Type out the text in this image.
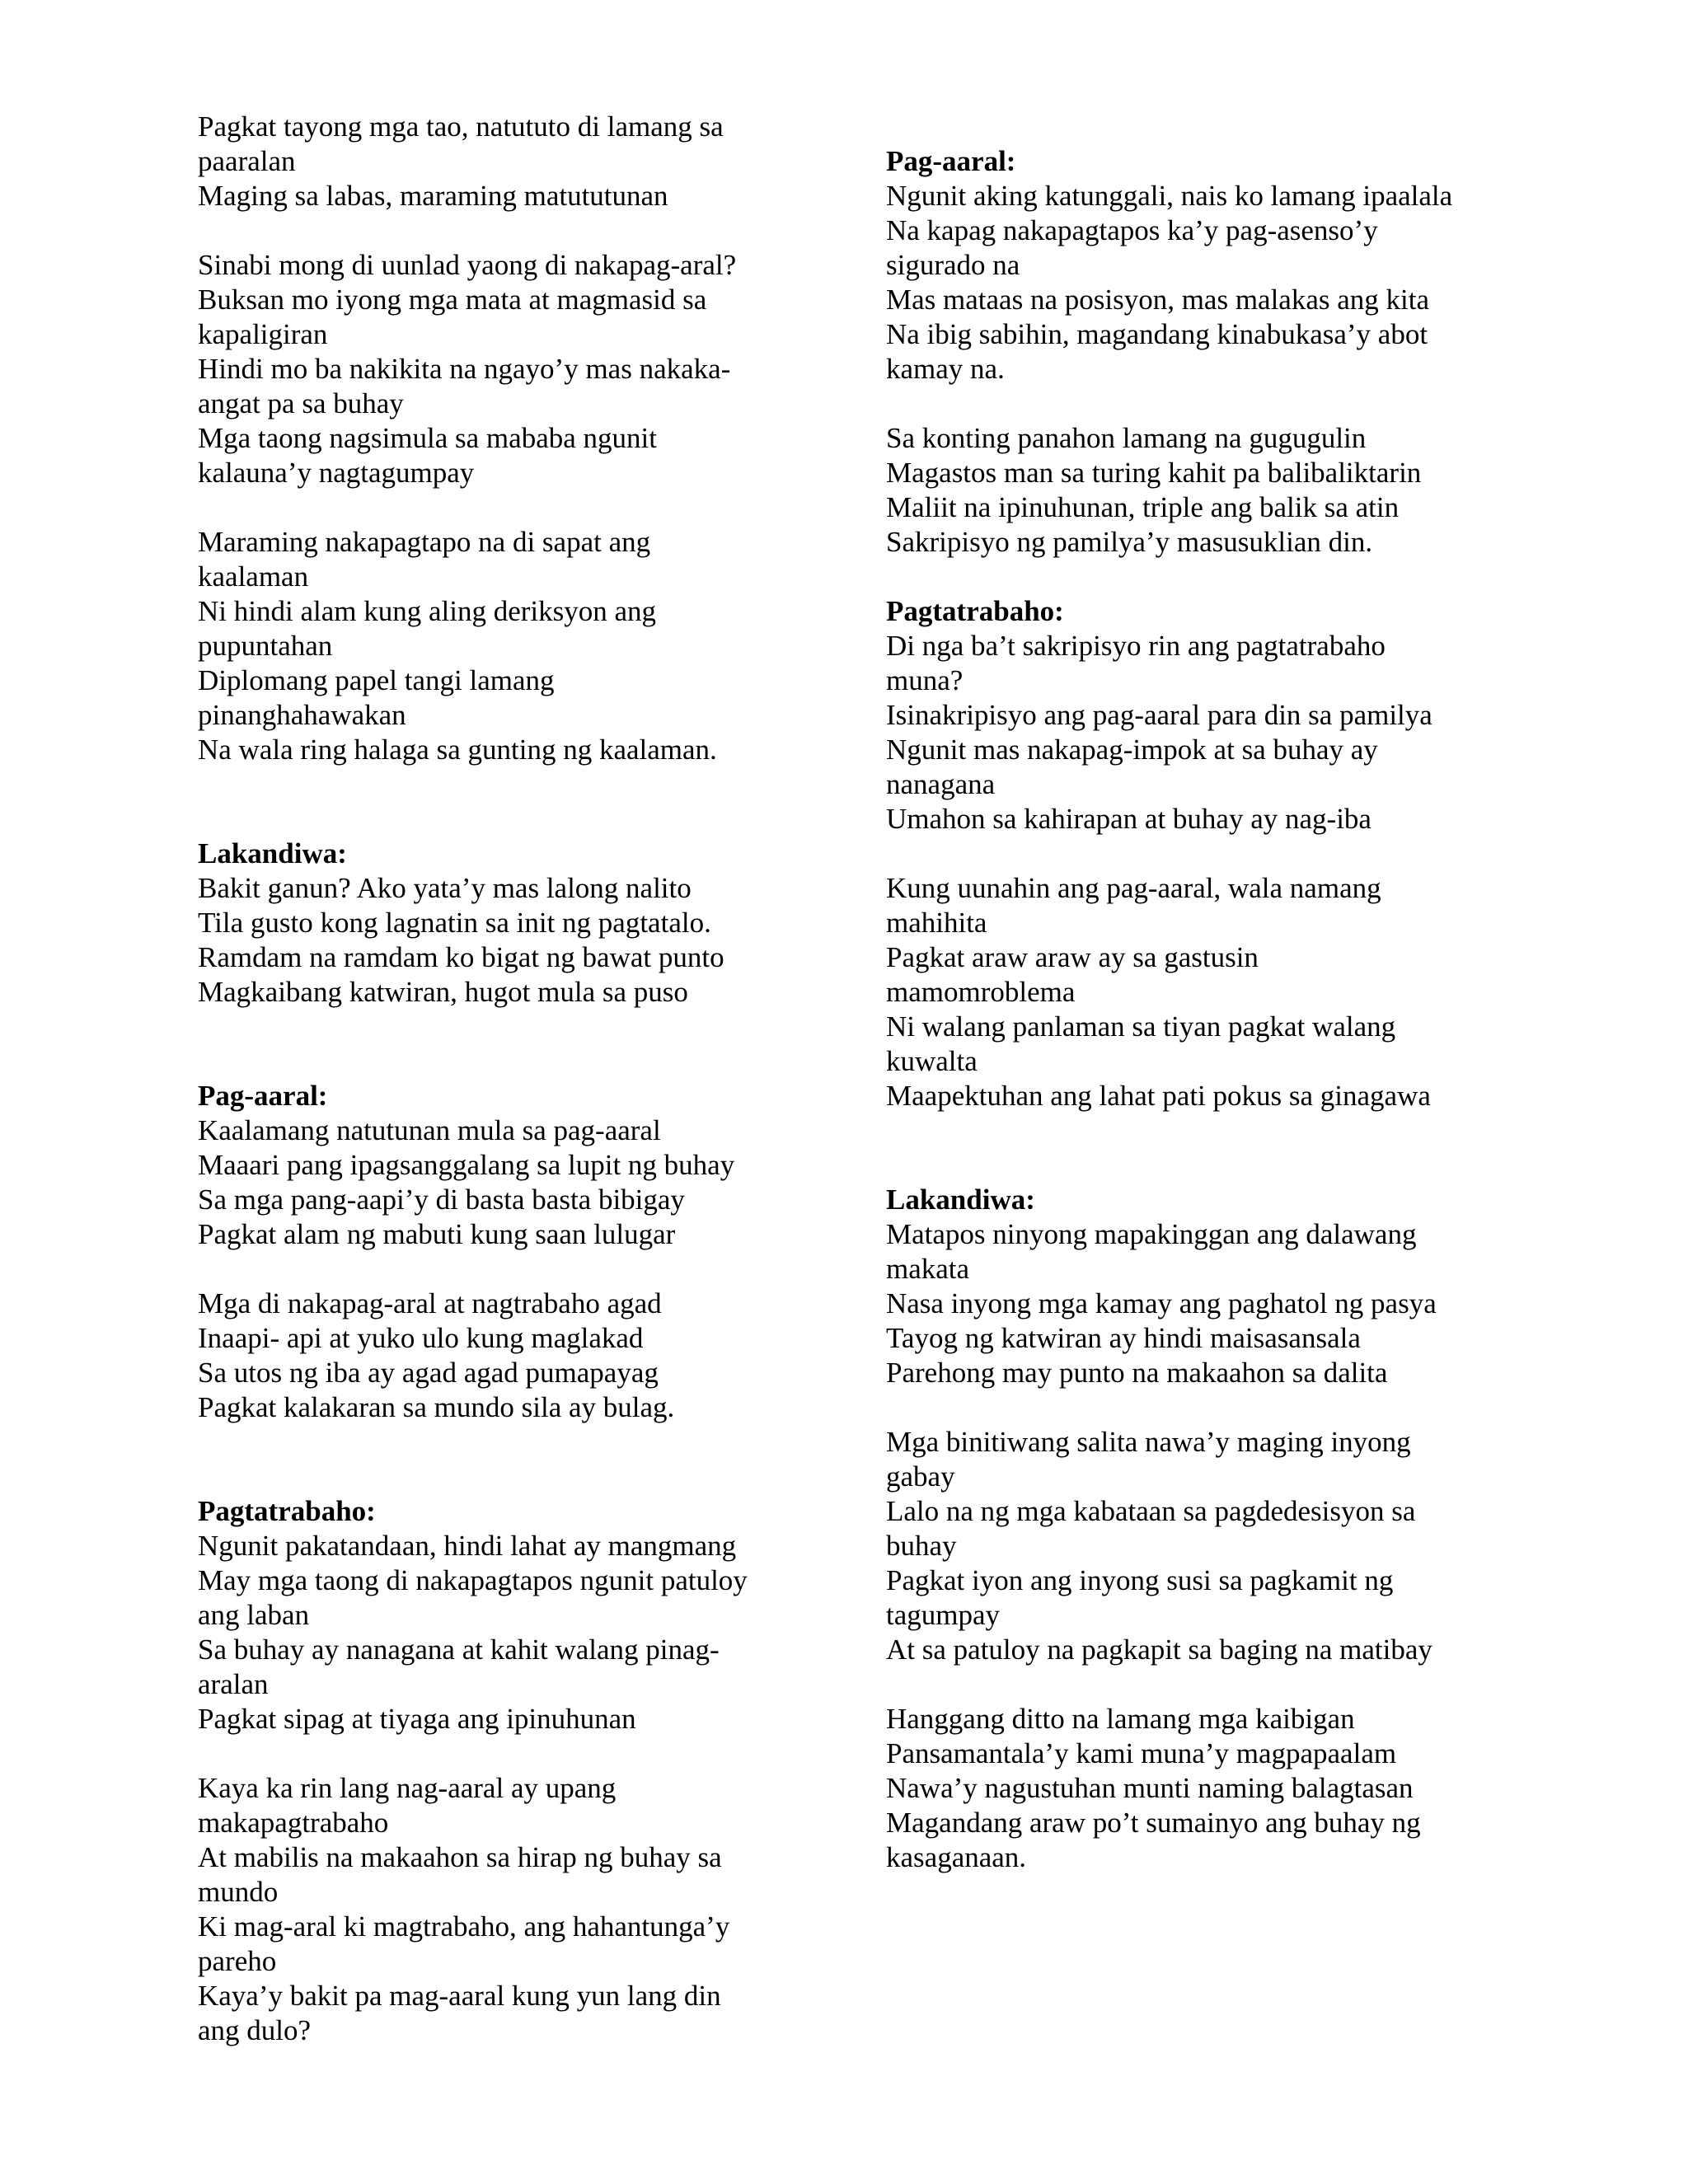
Pagkat tayong mga tao, natututo di lamang sa
paaralan
Maging sa labas, maraming matututunan
Sinabi mong di uunlad yaong di nakapag-aral?
Buksan mo iyong mga mata at magmasid sa
kapaligiran
Hindi mo ba nakikita na ngayo’y mas nakaka-
angat pa sa buhay
Mga taong nagsimula sa mababa ngunit
kalauna’y nagtagumpay
Maraming nakapagtapo na di sapat ang
kaalaman
Ni hindi alam kung aling deriksyon ang
pupuntahan
Diplomang papel tangi lamang
pinanghahawakan
Na wala ring halaga sa gunting ng kaalaman.
Lakandiwa:
Bakit ganun? Ako yata’y mas lalong nalito
Tila gusto kong lagnatin sa init ng pagtatalo.
Ramdam na ramdam ko bigat ng bawat punto
Magkaibang katwiran, hugot mula sa puso
Pag-aaral:
Kaalamang natutunan mula sa pag-aaral
Maaari pang ipagsanggalang sa lupit ng buhay
Sa mga pang-aapi’y di basta basta bibigay
Pagkat alam ng mabuti kung saan lulugar
Mga di nakapag-aral at nagtrabaho agad
Inaapi- api at yuko ulo kung maglakad
Sa utos ng iba ay agad agad pumapayag
Pagkat kalakaran sa mundo sila ay bulag.
Pagtatrabaho:
Ngunit pakatandaan, hindi lahat ay mangmang
May mga taong di nakapagtapos ngunit patuloy
ang laban
Sa buhay ay nanagana at kahit walang pinag-
aralan
Pagkat sipag at tiyaga ang ipinuhunan
Kaya ka rin lang nag-aaral ay upang
makapagtrabaho
At mabilis na makaahon sa hirap ng buhay sa
mundo
Ki mag-aral ki magtrabaho, ang hahantunga’y
pareho
Kaya’y bakit pa mag-aaral kung yun lang din
ang dulo?
Pag-aaral:
Ngunit aking katunggali, nais ko lamang ipaalala
Na kapag nakapagtapos ka’y pag-asenso’y
sigurado na
Mas mataas na posisyon, mas malakas ang kita
Na ibig sabihin, magandang kinabukasa’y abot
kamay na.
Sa konting panahon lamang na gugugulin
Magastos man sa turing kahit pa balibaliktarin
Maliit na ipinuhunan, triple ang balik sa atin
Sakripisyo ng pamilya’y masusuklian din.
Pagtatrabaho:
Di nga ba’t sakripisyo rin ang pagtatrabaho
muna?
Isinakripisyo ang pag-aaral para din sa pamilya
Ngunit mas nakapag-impok at sa buhay ay
nanagana
Umahon sa kahirapan at buhay ay nag-iba
Kung uunahin ang pag-aaral, wala namang
mahihita
Pagkat araw araw ay sa gastusin
mamomroblema
Ni walang panlaman sa tiyan pagkat walang
kuwalta
Maapektuhan ang lahat pati pokus sa ginagawa
Lakandiwa:
Matapos ninyong mapakinggan ang dalawang
makata
Nasa inyong mga kamay ang paghatol ng pasya
Tayog ng katwiran ay hindi maisasansala
Parehong may punto na makaahon sa dalita
Mga binitiwang salita nawa’y maging inyong
gabay
Lalo na ng mga kabataan sa pagdedesisyon sa
buhay
Pagkat iyon ang inyong susi sa pagkamit ng
tagumpay
At sa patuloy na pagkapit sa baging na matibay
Hanggang ditto na lamang mga kaibigan
Pansamantala’y kami muna’y magpapaalam
Nawa’y nagustuhan munti naming balagtasan
Magandang araw po’t sumainyo ang buhay ng
kasaganaan.
